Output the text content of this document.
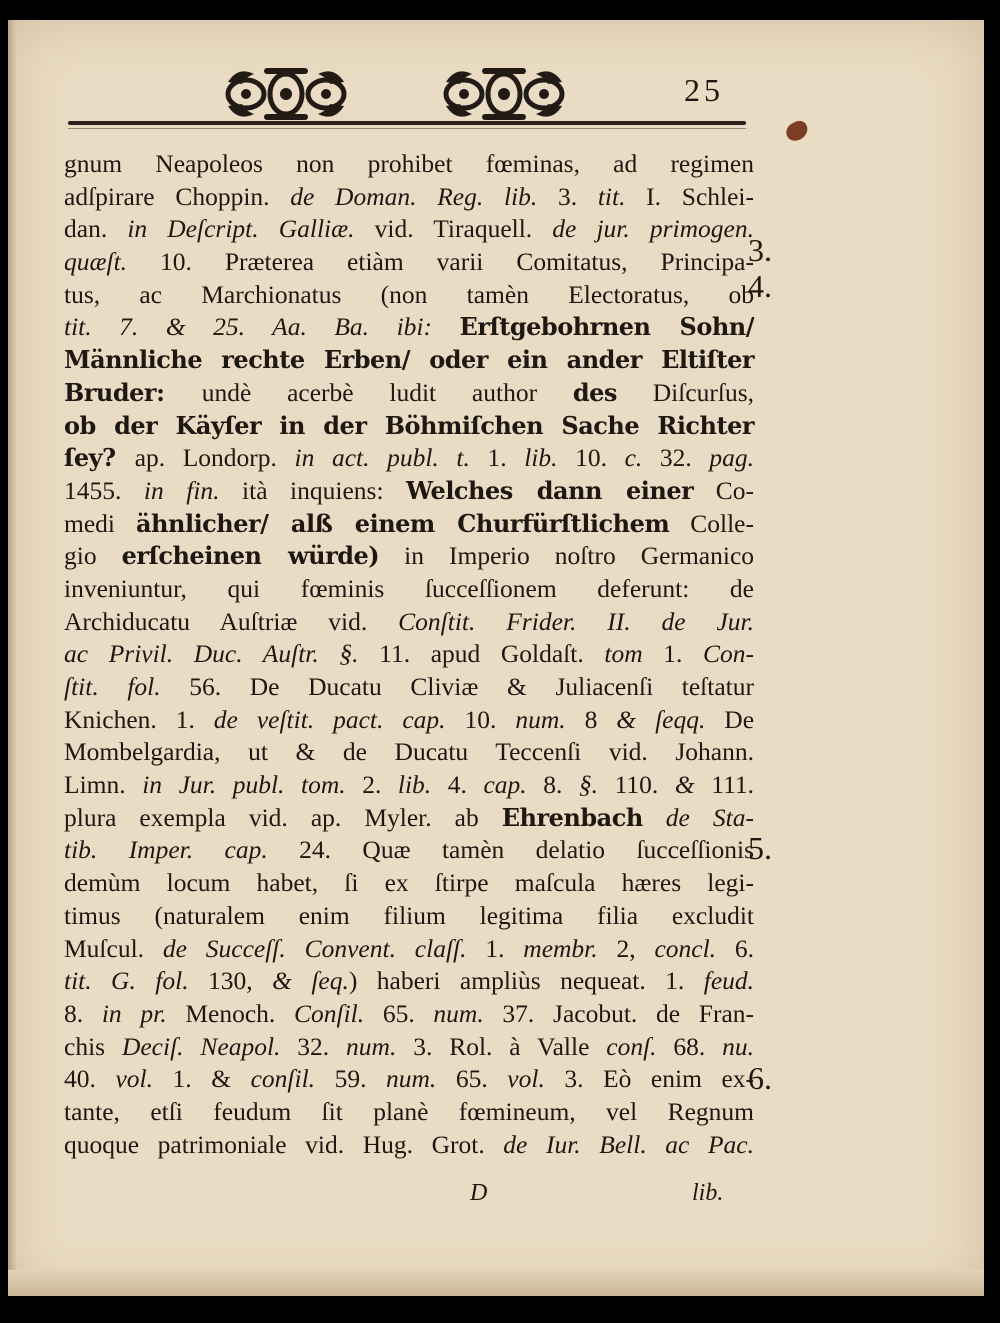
25
gnum Neapoleos non prohibet fœminas, ad regimen
adſpirare Choppin. de Doman. Reg. lib. 3. tit. I. Schlei-
dan. in Deſcript. Galliæ. vid. Tiraquell. de jur. primogen.
quæſt. 10. Præterea etiàm varii Comitatus, Principa-
tus, ac Marchionatus (non tamèn Electoratus, ob
tit. 7. & 25. Aa. Ba. ibi: Erſtgebohrnen Sohn/
Männliche rechte Erben/ oder ein ander Eltiſter
Bruder: undè acerbè ludit author des Diſcurſus,
ob der Käyſer in der Böhmiſchen Sache Richter
ſey? ap. Londorp. in act. publ. t. 1. lib. 10. c. 32. pag.
1455. in fin. ità inquiens: Welches dann einer Co-
medi ähnlicher/ alß einem Churfürſtlichem Colle-
gio erſcheinen würde) in Imperio noſtro Germanico
inveniuntur, qui fœminis ſucceſſionem deferunt: de
Archiducatu Auſtriæ vid. Conſtit. Frider. II. de Jur.
ac Privil. Duc. Auſtr. §. 11. apud Goldaſt. tom 1. Con-
ſtit. fol. 56. De Ducatu Cliviæ & Juliacenſi teſtatur
Knichen. 1. de veſtit. pact. cap. 10. num. 8 & ſeqq. De
Mombelgardia, ut & de Ducatu Teccenſi vid. Johann.
Limn. in Jur. publ. tom. 2. lib. 4. cap. 8. §. 110. & 111.
plura exempla vid. ap. Myler. ab Ehrenbach de Sta-
tib. Imper. cap. 24. Quæ tamèn delatio ſucceſſionis
demùm locum habet, ſi ex ſtirpe maſcula hæres legi-
timus (naturalem enim filium legitima filia excludit
Muſcul. de Succeſſ. Convent. claſſ. 1. membr. 2, concl. 6.
tit. G. fol. 130, & ſeq.) haberi ampliùs nequeat. 1. feud.
8. in pr. Menoch. Conſil. 65. num. 37. Jacobut. de Fran-
chis Deciſ. Neapol. 32. num. 3. Rol. à Valle conſ. 68. nu.
40. vol. 1. & conſil. 59. num. 65. vol. 3. Eò enim ex-
tante, etſi feudum ſit planè fœmineum, vel Regnum
quoque patrimoniale vid. Hug. Grot. de Iur. Bell. ac Pac.
3.
4.
5.
6.
D	lib.
